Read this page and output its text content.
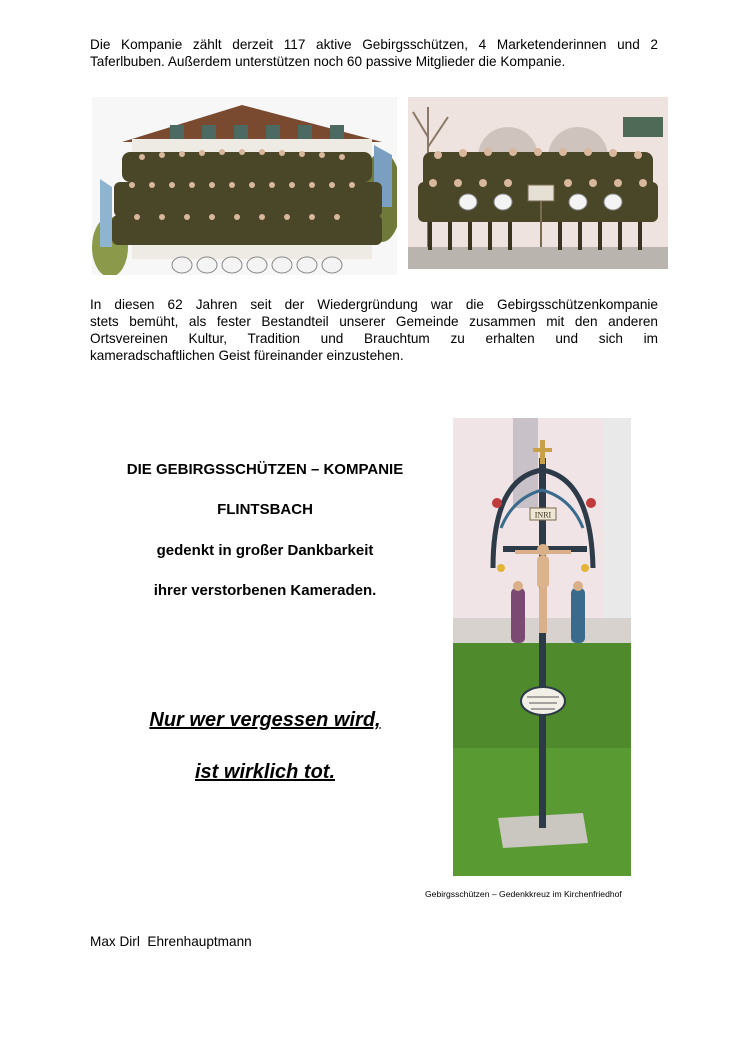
Die Kompanie zählt derzeit 117 aktive Gebirgsschützen, 4 Marketenderinnen und 2
Taferlbuben. Außerdem unterstützen noch 60 passive Mitglieder die Kompanie.
In diesen 62 Jahren seit der Wiedergründung war die Gebirgsschützenkompanie
stets bemüht, als fester Bestandteil unserer Gemeinde zusammen mit den anderen
Ortsvereinen Kultur, Tradition und Brauchtum zu erhalten und sich im
kameradschaftlichen Geist füreinander einzustehen.

DIE GEBIRGSSCHÜTZEN – KOMPANIE

FLINTSBACH

gedenkt in großer Dankbarkeit

ihrer verstorbenen Kameraden.

Nur wer vergessen wird,

ist wirklich tot.

INRI

Gebirgsschützen – Gedenkkreuz im Kirchenfriedhof

Max Dirl  Ehrenhauptmann
